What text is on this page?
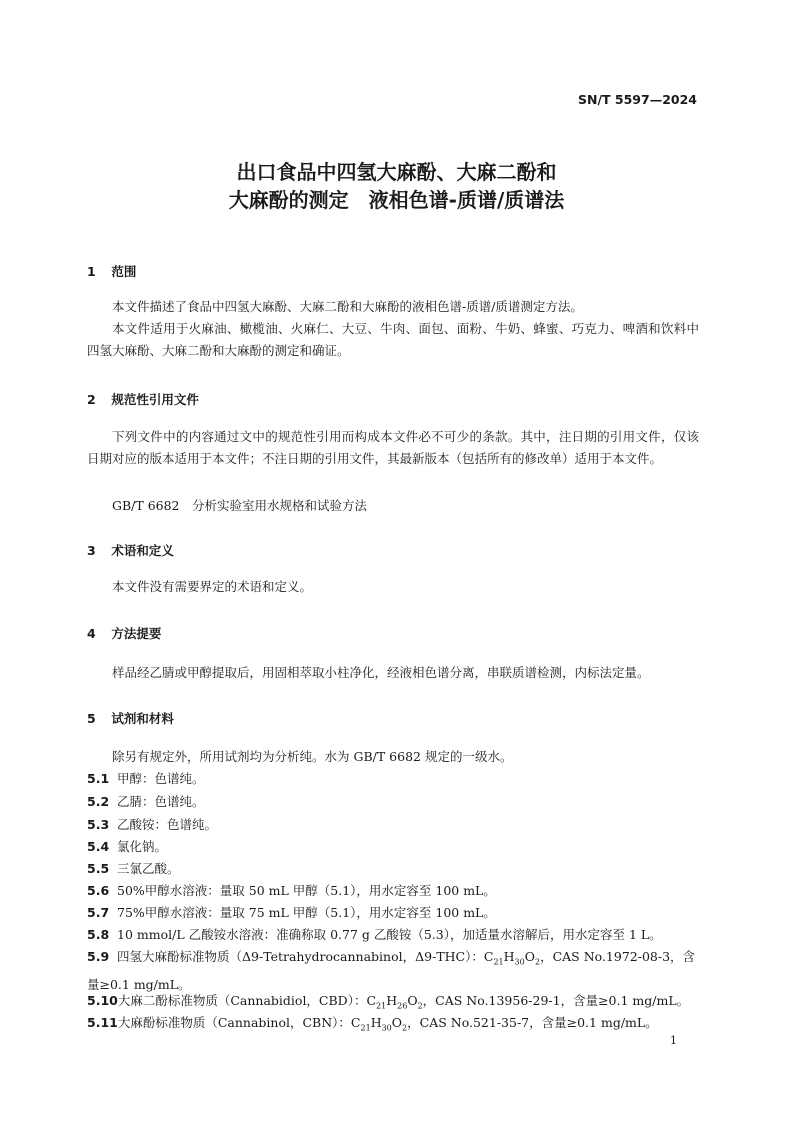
SN/T 5597—2024
出口食品中四氢大麻酚、大麻二酚和
大麻酚的测定　液相色谱-质谱/质谱法
1 范围
本文件描述了食品中四氢大麻酚、大麻二酚和大麻酚的液相色谱-质谱/质谱测定方法。
本文件适用于火麻油、橄榄油、火麻仁、大豆、牛肉、面包、面粉、牛奶、蜂蜜、巧克力、啤酒和饮料中四氢大麻酚、大麻二酚和大麻酚的测定和确证。
2 规范性引用文件
下列文件中的内容通过文中的规范性引用而构成本文件必不可少的条款。其中，注日期的引用文件，仅该日期对应的版本适用于本文件；不注日期的引用文件，其最新版本（包括所有的修改单）适用于本文件。
GB/T 6682　分析实验室用水规格和试验方法
3 术语和定义
本文件没有需要界定的术语和定义。
4 方法提要
样品经乙腈或甲醇提取后，用固相萃取小柱净化，经液相色谱分离，串联质谱检测，内标法定量。
5 试剂和材料
除另有规定外，所用试剂均为分析纯。水为 GB/T 6682 规定的一级水。
5.1 甲醇：色谱纯。
5.2 乙腈：色谱纯。
5.3 乙酸铵：色谱纯。
5.4 氯化钠。
5.5 三氯乙酸。
5.6 50%甲醇水溶液：量取 50 mL 甲醇（5.1），用水定容至 100 mL。
5.7 75%甲醇水溶液：量取 75 mL 甲醇（5.1），用水定容至 100 mL。
5.8 10 mmol/L 乙酸铵水溶液：准确称取 0.77 g 乙酸铵（5.3），加适量水溶解后，用水定容至 1 L。
5.9 四氢大麻酚标准物质（Δ9-Tetrahydrocannabinol，Δ9-THC）：$C_{21}H_{30}O_2$，CAS No.1972-08-3，含量≥0.1 mg/mL。
5.10大麻二酚标准物质（Cannabidiol，CBD）：$C_{21}H_{26}O_2$，CAS No.13956-29-1，含量≥0.1 mg/mL。
5.11大麻酚标准物质（Cannabinol，CBN）：$C_{21}H_{30}O_2$，CAS No.521-35-7，含量≥0.1 mg/mL。
1
